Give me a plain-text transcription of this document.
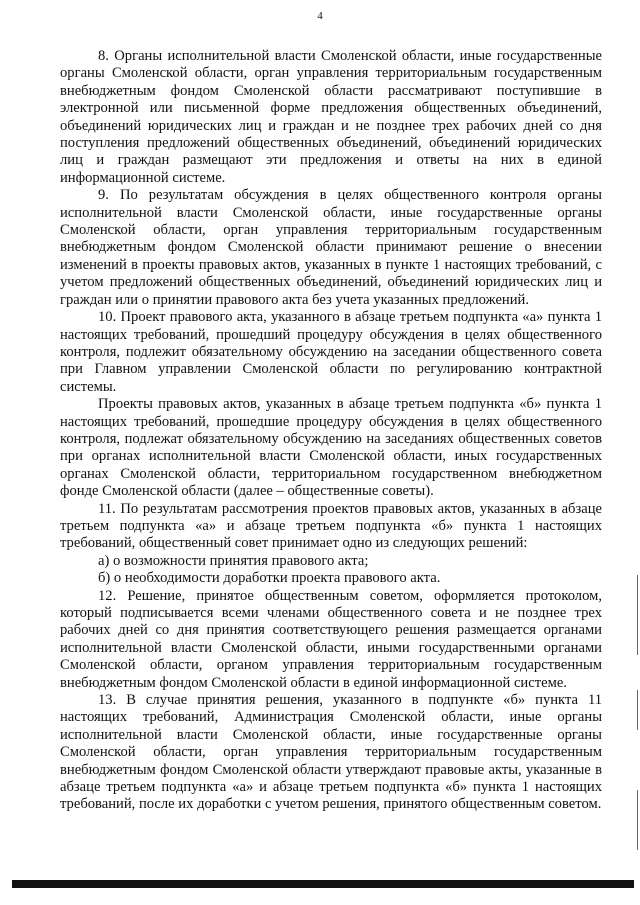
4

8. Органы исполнительной власти Смоленской области, иные государственные органы Смоленской области, орган управления территориальным государственным внебюджетным фондом Смоленской области рассматривают поступившие в электронной или письменной форме предложения общественных объединений, объединений юридических лиц и граждан и не позднее трех рабочих дней со дня поступления предложений общественных объединений, объединений юридических лиц и граждан размещают эти предложения и ответы на них в единой информационной системе.

9. По результатам обсуждения в целях общественного контроля органы исполнительной власти Смоленской области, иные государственные органы Смоленской области, орган управления территориальным государственным внебюджетным фондом Смоленской области принимают решение о внесении изменений в проекты правовых актов, указанных в пункте 1 настоящих требований, с учетом предложений общественных объединений, объединений юридических лиц и граждан или о принятии правового акта без учета указанных предложений.

10. Проект правового акта, указанного в абзаце третьем подпункта «а» пункта 1 настоящих требований, прошедший процедуру обсуждения в целях общественного контроля, подлежит обязательному обсуждению на заседании общественного совета при Главном управлении Смоленской области по регулированию контрактной системы.

Проекты правовых актов, указанных в абзаце третьем подпункта «б» пункта 1 настоящих требований, прошедшие процедуру обсуждения в целях общественного контроля, подлежат обязательному обсуждению на заседаниях общественных советов при органах исполнительной власти Смоленской области, иных государственных органах Смоленской области, территориальном государственном внебюджетном фонде Смоленской области (далее – общественные советы).

11. По результатам рассмотрения проектов правовых актов, указанных в абзаце третьем подпункта «а» и абзаце третьем подпункта «б» пункта 1 настоящих требований, общественный совет принимает одно из следующих решений:

а) о возможности принятия правового акта;

б) о необходимости доработки проекта правового акта.

12. Решение, принятое общественным советом, оформляется протоколом, который подписывается всеми членами общественного совета и не позднее трех рабочих дней со дня принятия соответствующего решения размещается органами исполнительной власти Смоленской области, иными государственными органами Смоленской области, органом управления территориальным государственным внебюджетным фондом Смоленской области в единой информационной системе.

13. В случае принятия решения, указанного в подпункте «б» пункта 11 настоящих требований, Администрация Смоленской области, иные органы исполнительной власти Смоленской области, иные государственные органы Смоленской области, орган управления территориальным государственным внебюджетным фондом Смоленской области утверждают правовые акты, указанные в абзаце третьем подпункта «а» и абзаце третьем подпункта «б» пункта 1 настоящих требований, после их доработки с учетом решения, принятого общественным советом.
